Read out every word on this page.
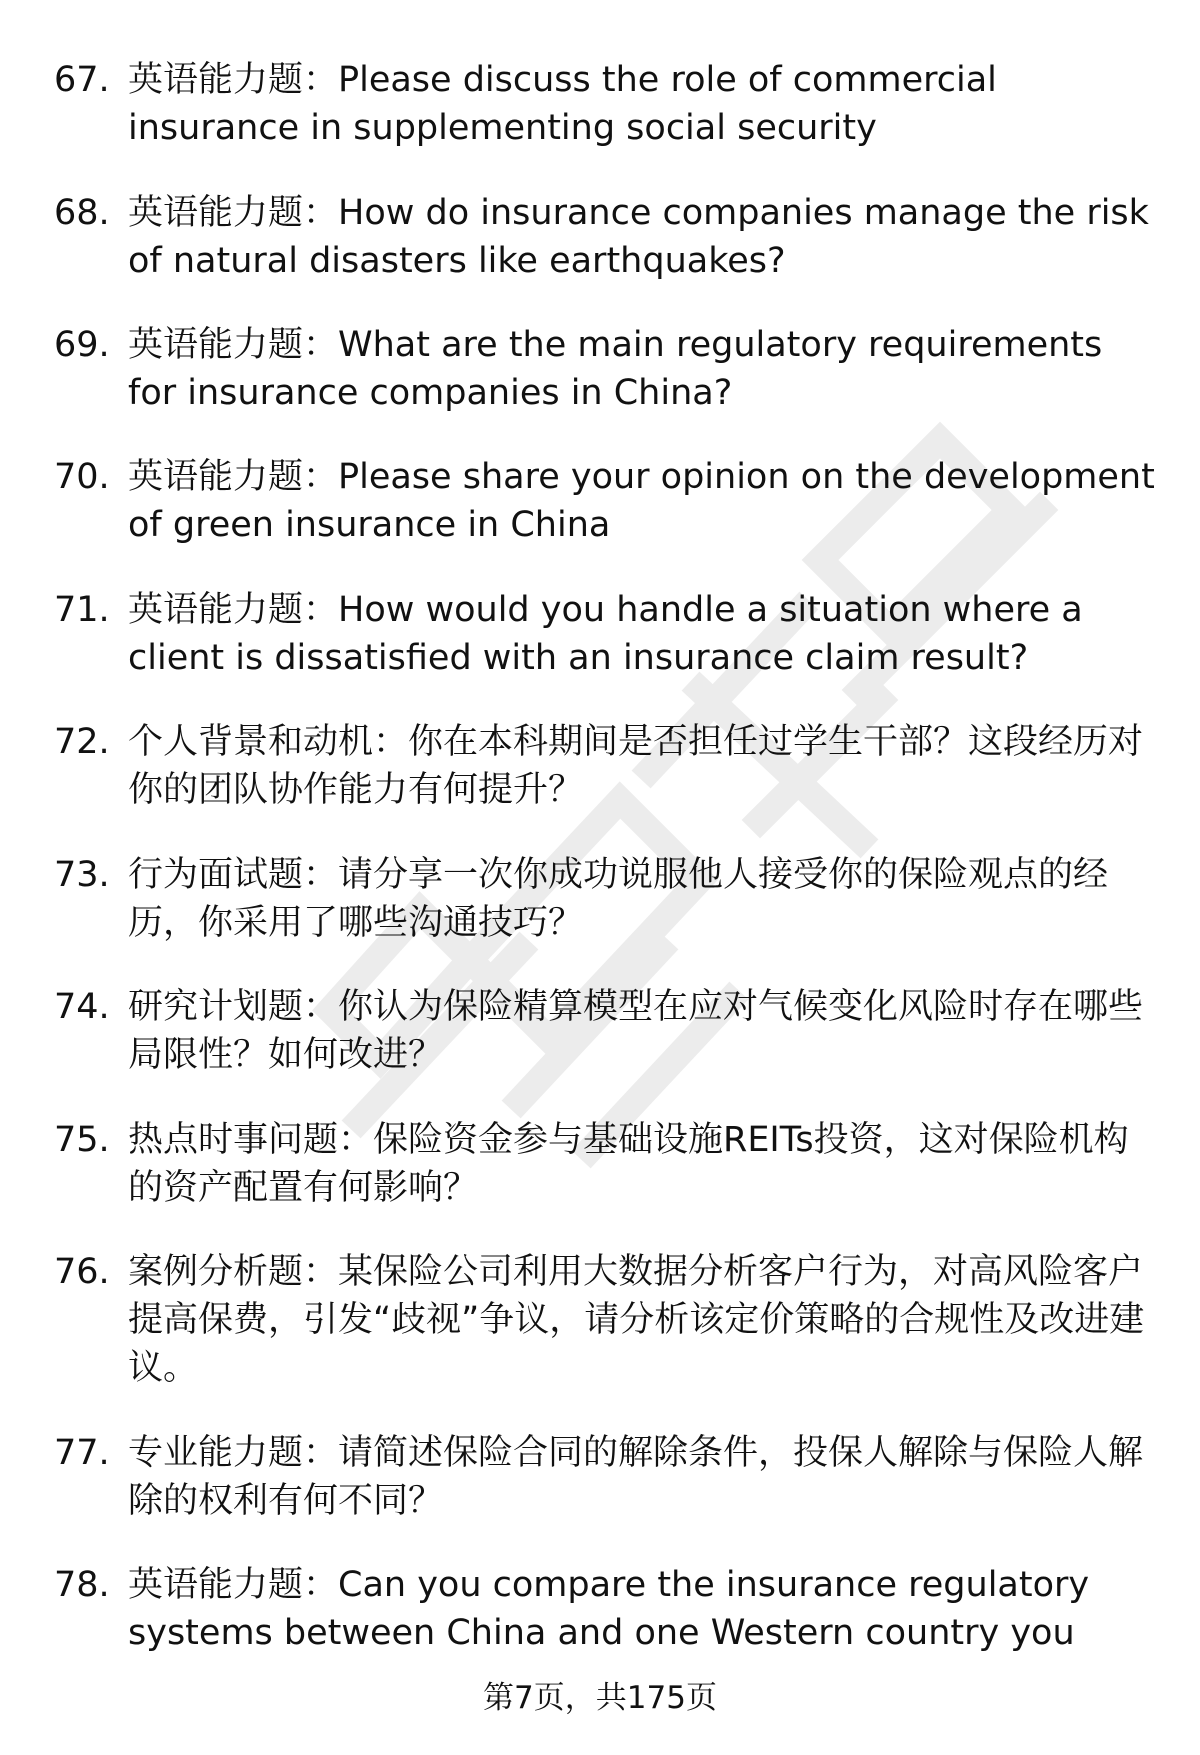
67. 英语能力题：Please discuss the role of commercial insurance in supplementing social security
68. 英语能力题：How do insurance companies manage the risk of natural disasters like earthquakes?
69. 英语能力题：What are the main regulatory requirements for insurance companies in China?
70. 英语能力题：Please share your opinion on the development of green insurance in China
71. 英语能力题：How would you handle a situation where a client is dissatisfied with an insurance claim result?
72. 个人背景和动机：你在本科期间是否担任过学生干部？这段经历对你的团队协作能力有何提升？
73. 行为面试题：请分享一次你成功说服他人接受你的保险观点的经历，你采用了哪些沟通技巧？
74. 研究计划题：你认为保险精算模型在应对气候变化风险时存在哪些局限性？如何改进？
75. 热点时事问题：保险资金参与基础设施REITs投资，这对保险机构的资产配置有何影响？
76. 案例分析题：某保险公司利用大数据分析客户行为，对高风险客户提高保费，引发“歧视”争议，请分析该定价策略的合规性及改进建议。
77. 专业能力题：请简述保险合同的解除条件，投保人解除与保险人解除的权利有何不同？
78. 英语能力题：Can you compare the insurance regulatory systems between China and one Western country you
第7页，共175页
